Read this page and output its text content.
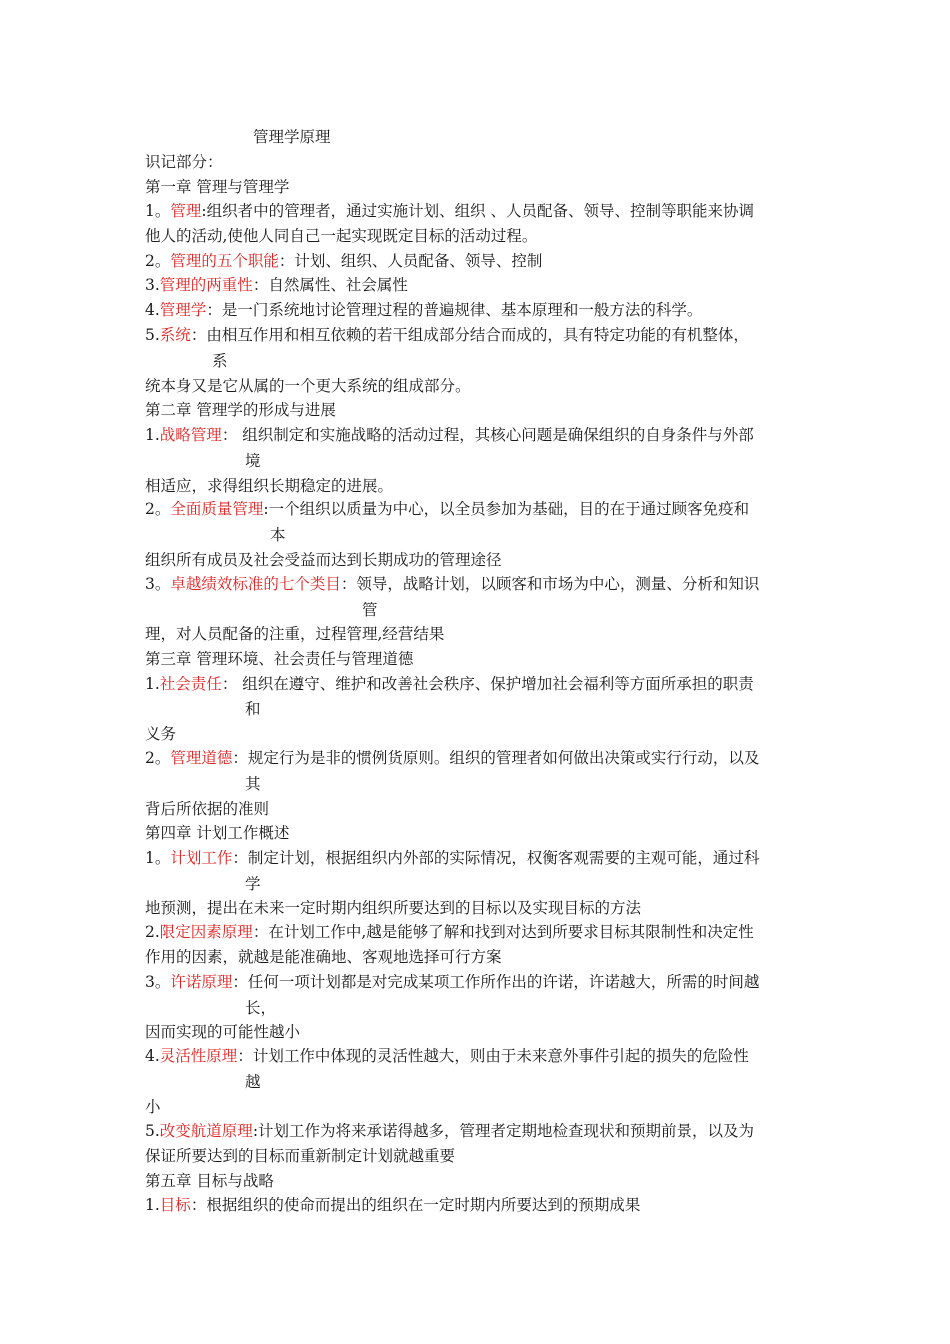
管理学原理
识记部分：
第一章 管理与管理学
1。管理:组织者中的管理者，通过实施计划、组织 、人员配备、领导、控制等职能来协调
他人的活动,使他人同自己一起实现既定目标的活动过程。
2。管理的五个职能：计划、组织、人员配备、领导、控制
3.管理的两重性：自然属性、社会属性
4.管理学：是一门系统地讨论管理过程的普遍规律、基本原理和一般方法的科学。
5.系统：由相互作用和相互依赖的若干组成部分结合而成的，具有特定功能的有机整体，
系
统本身又是它从属的一个更大系统的组成部分。
第二章 管理学的形成与进展
1.战略管理： 组织制定和实施战略的活动过程，其核心问题是确保组织的自身条件与外部
境
相适应，求得组织长期稳定的进展。
2。全面质量管理:一个组织以质量为中心，以全员参加为基础，目的在于通过顾客免疫和
本
组织所有成员及社会受益而达到长期成功的管理途径
3。卓越绩效标准的七个类目：领导，战略计划，以顾客和市场为中心，测量、分析和知识
管
理，对人员配备的注重，过程管理,经营结果
第三章 管理环境、社会责任与管理道德
1.社会责任： 组织在遵守、维护和改善社会秩序、保护增加社会福利等方面所承担的职责
和
义务
2。管理道德：规定行为是非的惯例货原则。组织的管理者如何做出决策或实行行动，以及
其
背后所依据的准则
第四章 计划工作概述
1。计划工作：制定计划，根据组织内外部的实际情况，权衡客观需要的主观可能，通过科
学
地预测，提出在未来一定时期内组织所要达到的目标以及实现目标的方法
2.限定因素原理：在计划工作中,越是能够了解和找到对达到所要求目标其限制性和决定性
作用的因素，就越是能准确地、客观地选择可行方案
3。许诺原理：任何一项计划都是对完成某项工作所作出的许诺，许诺越大，所需的时间越
长，
因而实现的可能性越小
4.灵活性原理：计划工作中体现的灵活性越大，则由于未来意外事件引起的损失的危险性
越
小
5.改变航道原理:计划工作为将来承诺得越多，管理者定期地检查现状和预期前景，以及为
保证所要达到的目标而重新制定计划就越重要
第五章 目标与战略
1.目标：根据组织的使命而提出的组织在一定时期内所要达到的预期成果
